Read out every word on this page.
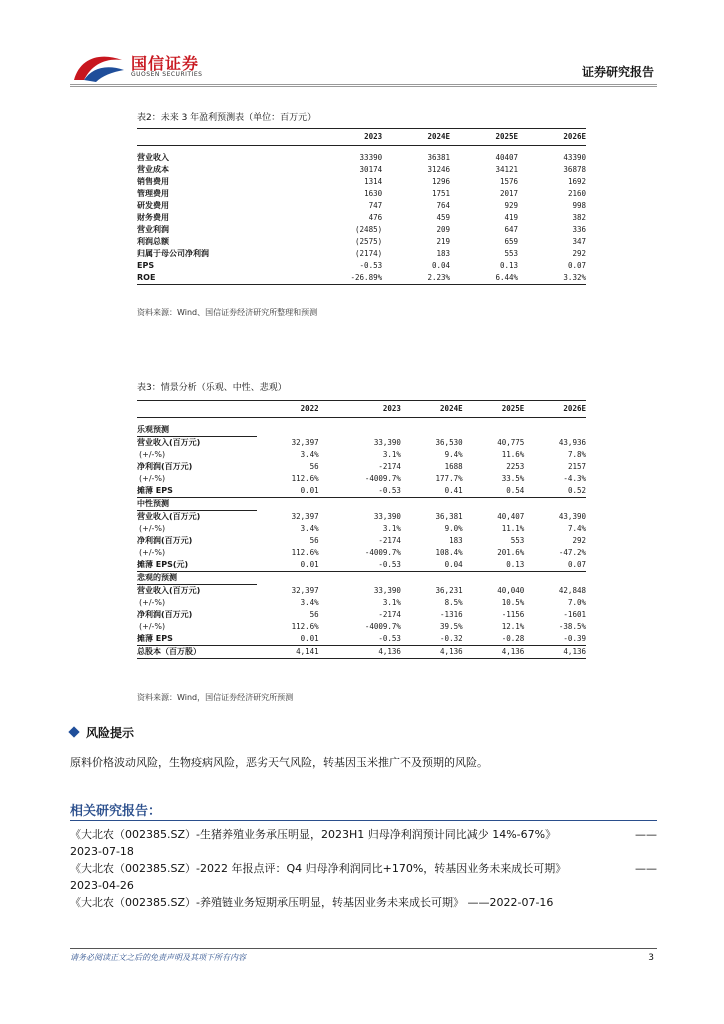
国信证券
GUOSEN SECURITIES	证券研究报告
表2：未来 3 年盈利预测表（单位：百万元）
	2023	2024E	2025E	2026E

营业收入	33390	36381	40407	43390
营业成本	30174	31246	34121	36878
销售费用	1314	1296	1576	1692
管理费用	1630	1751	2017	2160
研发费用	747	764	929	998
财务费用	476	459	419	382
营业利润	(2485)	209	647	336
利润总额	(2575)	219	659	347
归属于母公司净利润	(2174)	183	553	292
EPS	-0.53	0.04	0.13	0.07
ROE	-26.89%	2.23%	6.44%	3.32%
资料来源：Wind、国信证券经济研究所整理和预测
表3：情景分析（乐观、中性、悲观）
	2022	2023	2024E	2025E	2026E

乐观预测					
营业收入(百万元)	32,397	33,390	36,530	40,775	43,936
(+/-%)	3.4%	3.1%	9.4%	11.6%	7.8%
净利润(百万元)	56	-2174	1688	2253	2157
(+/-%)	112.6%	-4009.7%	177.7%	33.5%	-4.3%
摊薄 EPS	0.01	-0.53	0.41	0.54	0.52
中性预测					
营业收入(百万元)	32,397	33,390	36,381	40,407	43,390
(+/-%)	3.4%	3.1%	9.0%	11.1%	7.4%
净利润(百万元)	56	-2174	183	553	292
(+/-%)	112.6%	-4009.7%	108.4%	201.6%	-47.2%
摊薄 EPS(元)	0.01	-0.53	0.04	0.13	0.07
悲观的预测					
营业收入(百万元)	32,397	33,390	36,231	40,040	42,848
(+/-%)	3.4%	3.1%	8.5%	10.5%	7.0%
净利润(百万元)	56	-2174	-1316	-1156	-1601
(+/-%)	112.6%	-4009.7%	39.5%	12.1%	-38.5%
摊薄 EPS	0.01	-0.53	-0.32	-0.28	-0.39
总股本（百万股）	4,141	4,136	4,136	4,136	4,136
资料来源：Wind，国信证券经济研究所预测
风险提示
原料价格波动风险，生物疫病风险，恶劣天气风险，转基因玉米推广不及预期的风险。
相关研究报告：
《大北农（002385.SZ）-生猪养殖业务承压明显，2023H1 归母净利润预计同比减少 14%-67%》	——

2023-07-18
《大北农（002385.SZ）-2022 年报点评：Q4 归母净利润同比+170%，转基因业务未来成长可期》	——

2023-04-26
《大北农（002385.SZ）-养殖链业务短期承压明显，转基因业务未来成长可期》 ——2022-07-16
请务必阅读正文之后的免责声明及其项下所有内容	3
